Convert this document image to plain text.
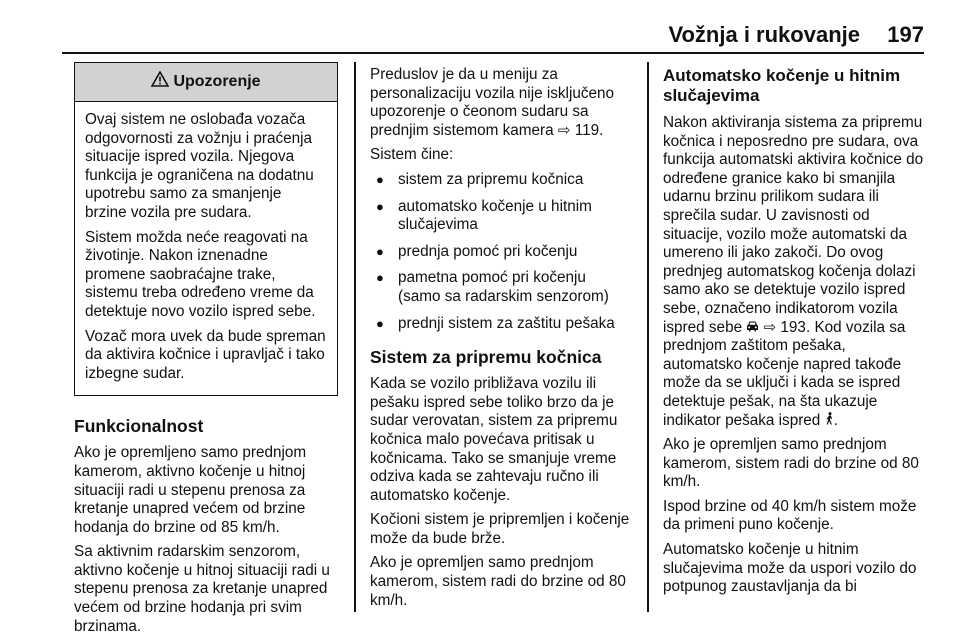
Vožnja i rukovanje 197
Upozorenje

Ovaj sistem ne oslobađa vozača odgovornosti za vožnju i praćenja situacije ispred vozila. Njegova funkcija je ograničena na dodatnu upotrebu samo za smanjenje brzine vozila pre sudara.

Sistem možda neće reagovati na životinje. Nakon iznenadne promene saobraćajne trake, sistemu treba određeno vreme da detektuje novo vozilo ispred sebe.

Vozač mora uvek da bude spreman da aktivira kočnice i upravljač i tako izbegne sudar.

Funkcionalnost

Ako je opremljeno samo prednjom kamerom, aktivno kočenje u hitnoj situaciji radi u stepenu prenosa za kretanje unapred većem od brzine hodanja do brzine od 85 km/h.

Sa aktivnim radarskim senzorom, aktivno kočenje u hitnoj situaciji radi u stepenu prenosa za kretanje unapred većem od brzine hodanja pri svim brzinama.

Preduslov je da u meniju za personalizaciju vozila nije isključeno upozorenje o čeonom sudaru sa prednjim sistemom kamera ⇨ 119.

Sistem čine:

● sistem za pripremu kočnica
● automatsko kočenje u hitnim slučajevima
● prednja pomoć pri kočenju
● pametna pomoć pri kočenju (samo sa radarskim senzorom)
● prednji sistem za zaštitu pešaka
Sistem za pripremu kočnica

Kada se vozilo približava vozilu ili pešaku ispred sebe toliko brzo da je sudar verovatan, sistem za pripremu kočnica malo povećava pritisak u kočnicama. Tako se smanjuje vreme odziva kada se zahtevaju ručno ili automatsko kočenje.

Kočioni sistem je pripremljen i kočenje može da bude brže.

Ako je opremljen samo prednjom kamerom, sistem radi do brzine od 80 km/h.

Automatsko kočenje u hitnim slučajevima

Nakon aktiviranja sistema za pripremu kočnica i neposredno pre sudara, ova funkcija automatski aktivira kočnice do određene granice kako bi smanjila udarnu brzinu prilikom sudara ili sprečila sudar. U zavisnosti od situacije, vozilo može automatski da umereno ili jako zakoči. Do ovog prednjeg automatskog kočenja dolazi samo ako se detektuje vozilo ispred sebe, označeno indikatorom vozila ispred sebe ⇨ 193. Kod vozila sa prednjom zaštitom pešaka, automatsko kočenje napred takođe može da se uključi i kada se ispred detektuje pešak, na šta ukazuje indikator pešaka ispred .

Ako je opremljen samo prednjom kamerom, sistem radi do brzine od 80 km/h.

Ispod brzine od 40 km/h sistem može da primeni puno kočenje.

Automatsko kočenje u hitnim slučajevima može da uspori vozilo do potpunog zaustavljanja da bi
